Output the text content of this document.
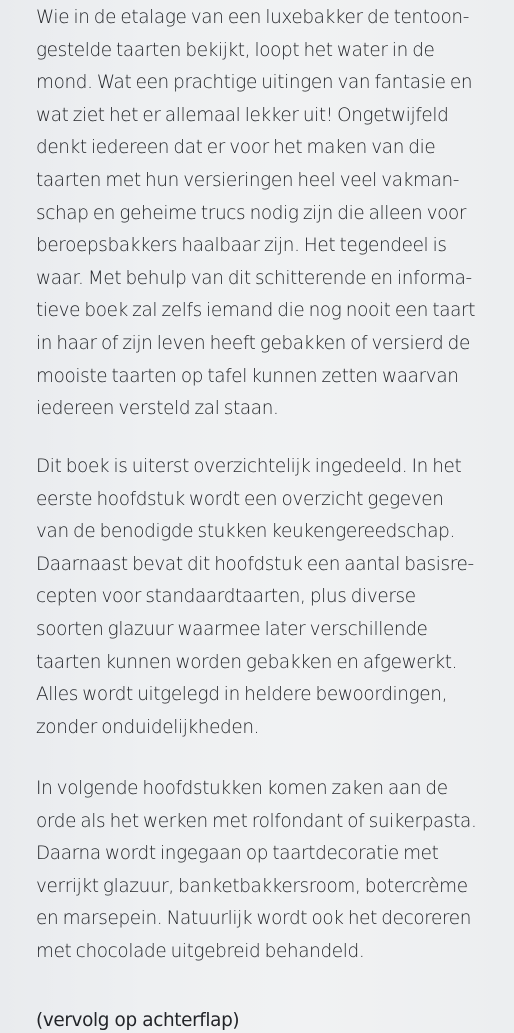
Wie in de etalage van een luxebakker de tentoon-
gestelde taarten bekijkt, loopt het water in de
mond. Wat een prachtige uitingen van fantasie en
wat ziet het er allemaal lekker uit! Ongetwijfeld
denkt iedereen dat er voor het maken van die
taarten met hun versieringen heel veel vakman-
schap en geheime trucs nodig zijn die alleen voor
beroepsbakkers haalbaar zijn. Het tegendeel is
waar. Met behulp van dit schitterende en informa-
tieve boek zal zelfs iemand die nog nooit een taart
in haar of zijn leven heeft gebakken of versierd de
mooiste taarten op tafel kunnen zetten waarvan
iedereen versteld zal staan.
Dit boek is uiterst overzichtelijk ingedeeld. In het
eerste hoofdstuk wordt een overzicht gegeven
van de benodigde stukken keukengereedschap.
Daarnaast bevat dit hoofdstuk een aantal basisre-
cepten voor standaardtaarten, plus diverse
soorten glazuur waarmee later verschillende
taarten kunnen worden gebakken en afgewerkt.
Alles wordt uitgelegd in heldere bewoordingen,
zonder onduidelijkheden.
In volgende hoofdstukken komen zaken aan de
orde als het werken met rolfondant of suikerpasta.
Daarna wordt ingegaan op taartdecoratie met
verrijkt glazuur, banketbakkersroom, botercrème
en marsepein. Natuurlijk wordt ook het decoreren
met chocolade uitgebreid behandeld.
(vervolg op achterflap)
